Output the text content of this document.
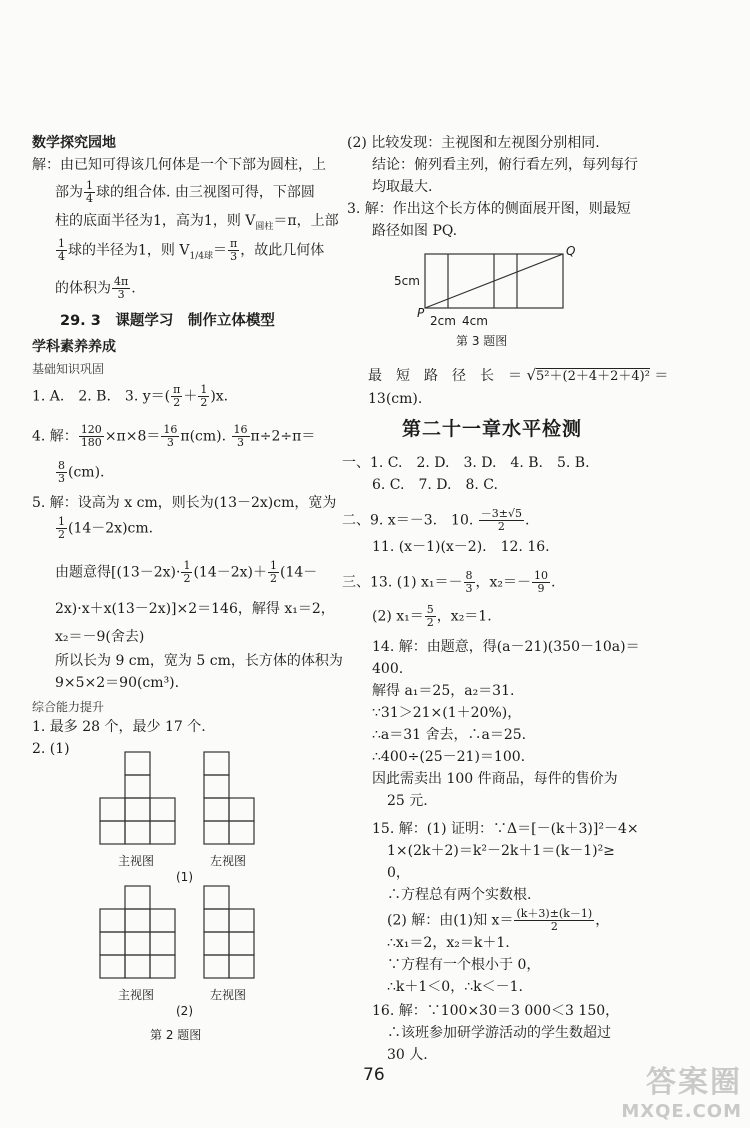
数学探究园地
解：由已知可得该几何体是一个下部为圆柱，上
部为 $\frac{1}{4}$ 球的组合体. 由三视图可得，下部圆
柱的底面半径为1，高为1，则 $V_{圆柱}=\pi$，上部
$\frac{1}{4}$ 球的半径为1，则 $V_{1/4球}= \frac{\pi}{3}$ ，故此几何体
的体积为 $\frac{4\pi}{3}$ .
29. 3　课题学习　制作立体模型
学科素养养成
基础知识巩固
1. A.　2. B.　3. $y=( \frac{\pi}{2} + \frac{1}{2} )x$.
4. 解： $\frac{120}{180} \times\pi\times 8= \frac{16}{3} \pi(cm)$. $\frac{16}{3} \pi\div 2\div\pi=$
$\frac{8}{3} (cm)$.
5. 解：设高为 x cm，则长为(13－2x)cm，宽为
$\frac{1}{2} (14-2x)cm$.
由题意得[$(13-2x)\cdot \frac{1}{2} (14-2x)+ \frac{1}{2} (14-$
2x)·x＋x(13－2x)]×2＝146，解得 x₁＝2，
x₂＝－9(舍去)
所以长为 9 cm，宽为 5 cm，长方体的体积为
9×5×2＝90(cm³).
综合能力提升
1. 最多 28 个，最少 17 个.
2. (1)
主视图	左视图
(1)
主视图	左视图
(2)
第 2 题图
(2) 比较发现：主视图和左视图分别相同.
结论：俯列看主列，俯行看左列，每列每行
均取最大.
3. 解：作出这个长方体的侧面展开图，则最短
路径如图 PQ.
Q
P
5cm
2cm 4cm
第 3 题图
最　短　路　径　长　＝ √5²＋(2＋4＋2＋4)² ＝
13(cm).
第二十一章水平检测
一、1. C.　2. D.　3. D.　4. B.　5. B.
6. C.　7. D.　8. C.
二、9. x＝－3.　10. $\frac{-3\pm√5}{2}$ .
11. (x－1)(x－2).　12. 16.
三、13. (1) $x_1=- \frac{8}{3}$ ，$x_2=- \frac{10}{9}$ .
(2) $x_1= \frac{5}{2}$ ，x₂＝1.
14. 解：由题意，得(a－21)(350－10a)＝
400.
解得 a₁＝25，a₂＝31.
∵31＞21×(1＋20%)，
∴a＝31 舍去，∴a＝25.
∴400÷(25－21)＝100.
因此需卖出 100 件商品，每件的售价为
25 元.
15. 解：(1) 证明：∵Δ＝[－(k＋3)]²－4×
1×(2k＋2)＝k²－2k＋1＝(k－1)²≥
0，
∴方程总有两个实数根.
(2) 解：由(1)知 $x= \frac{(k+3)\pm(k-1)}{2}$ ，
∴x₁＝2，x₂＝k＋1.
∵方程有一个根小于 0，
∴k＋1＜0，∴k＜－1.
16. 解：∵100×30＝3 000＜3 150，
∴该班参加研学游活动的学生数超过
30 人.
76	答案圈
MXQE.COM
